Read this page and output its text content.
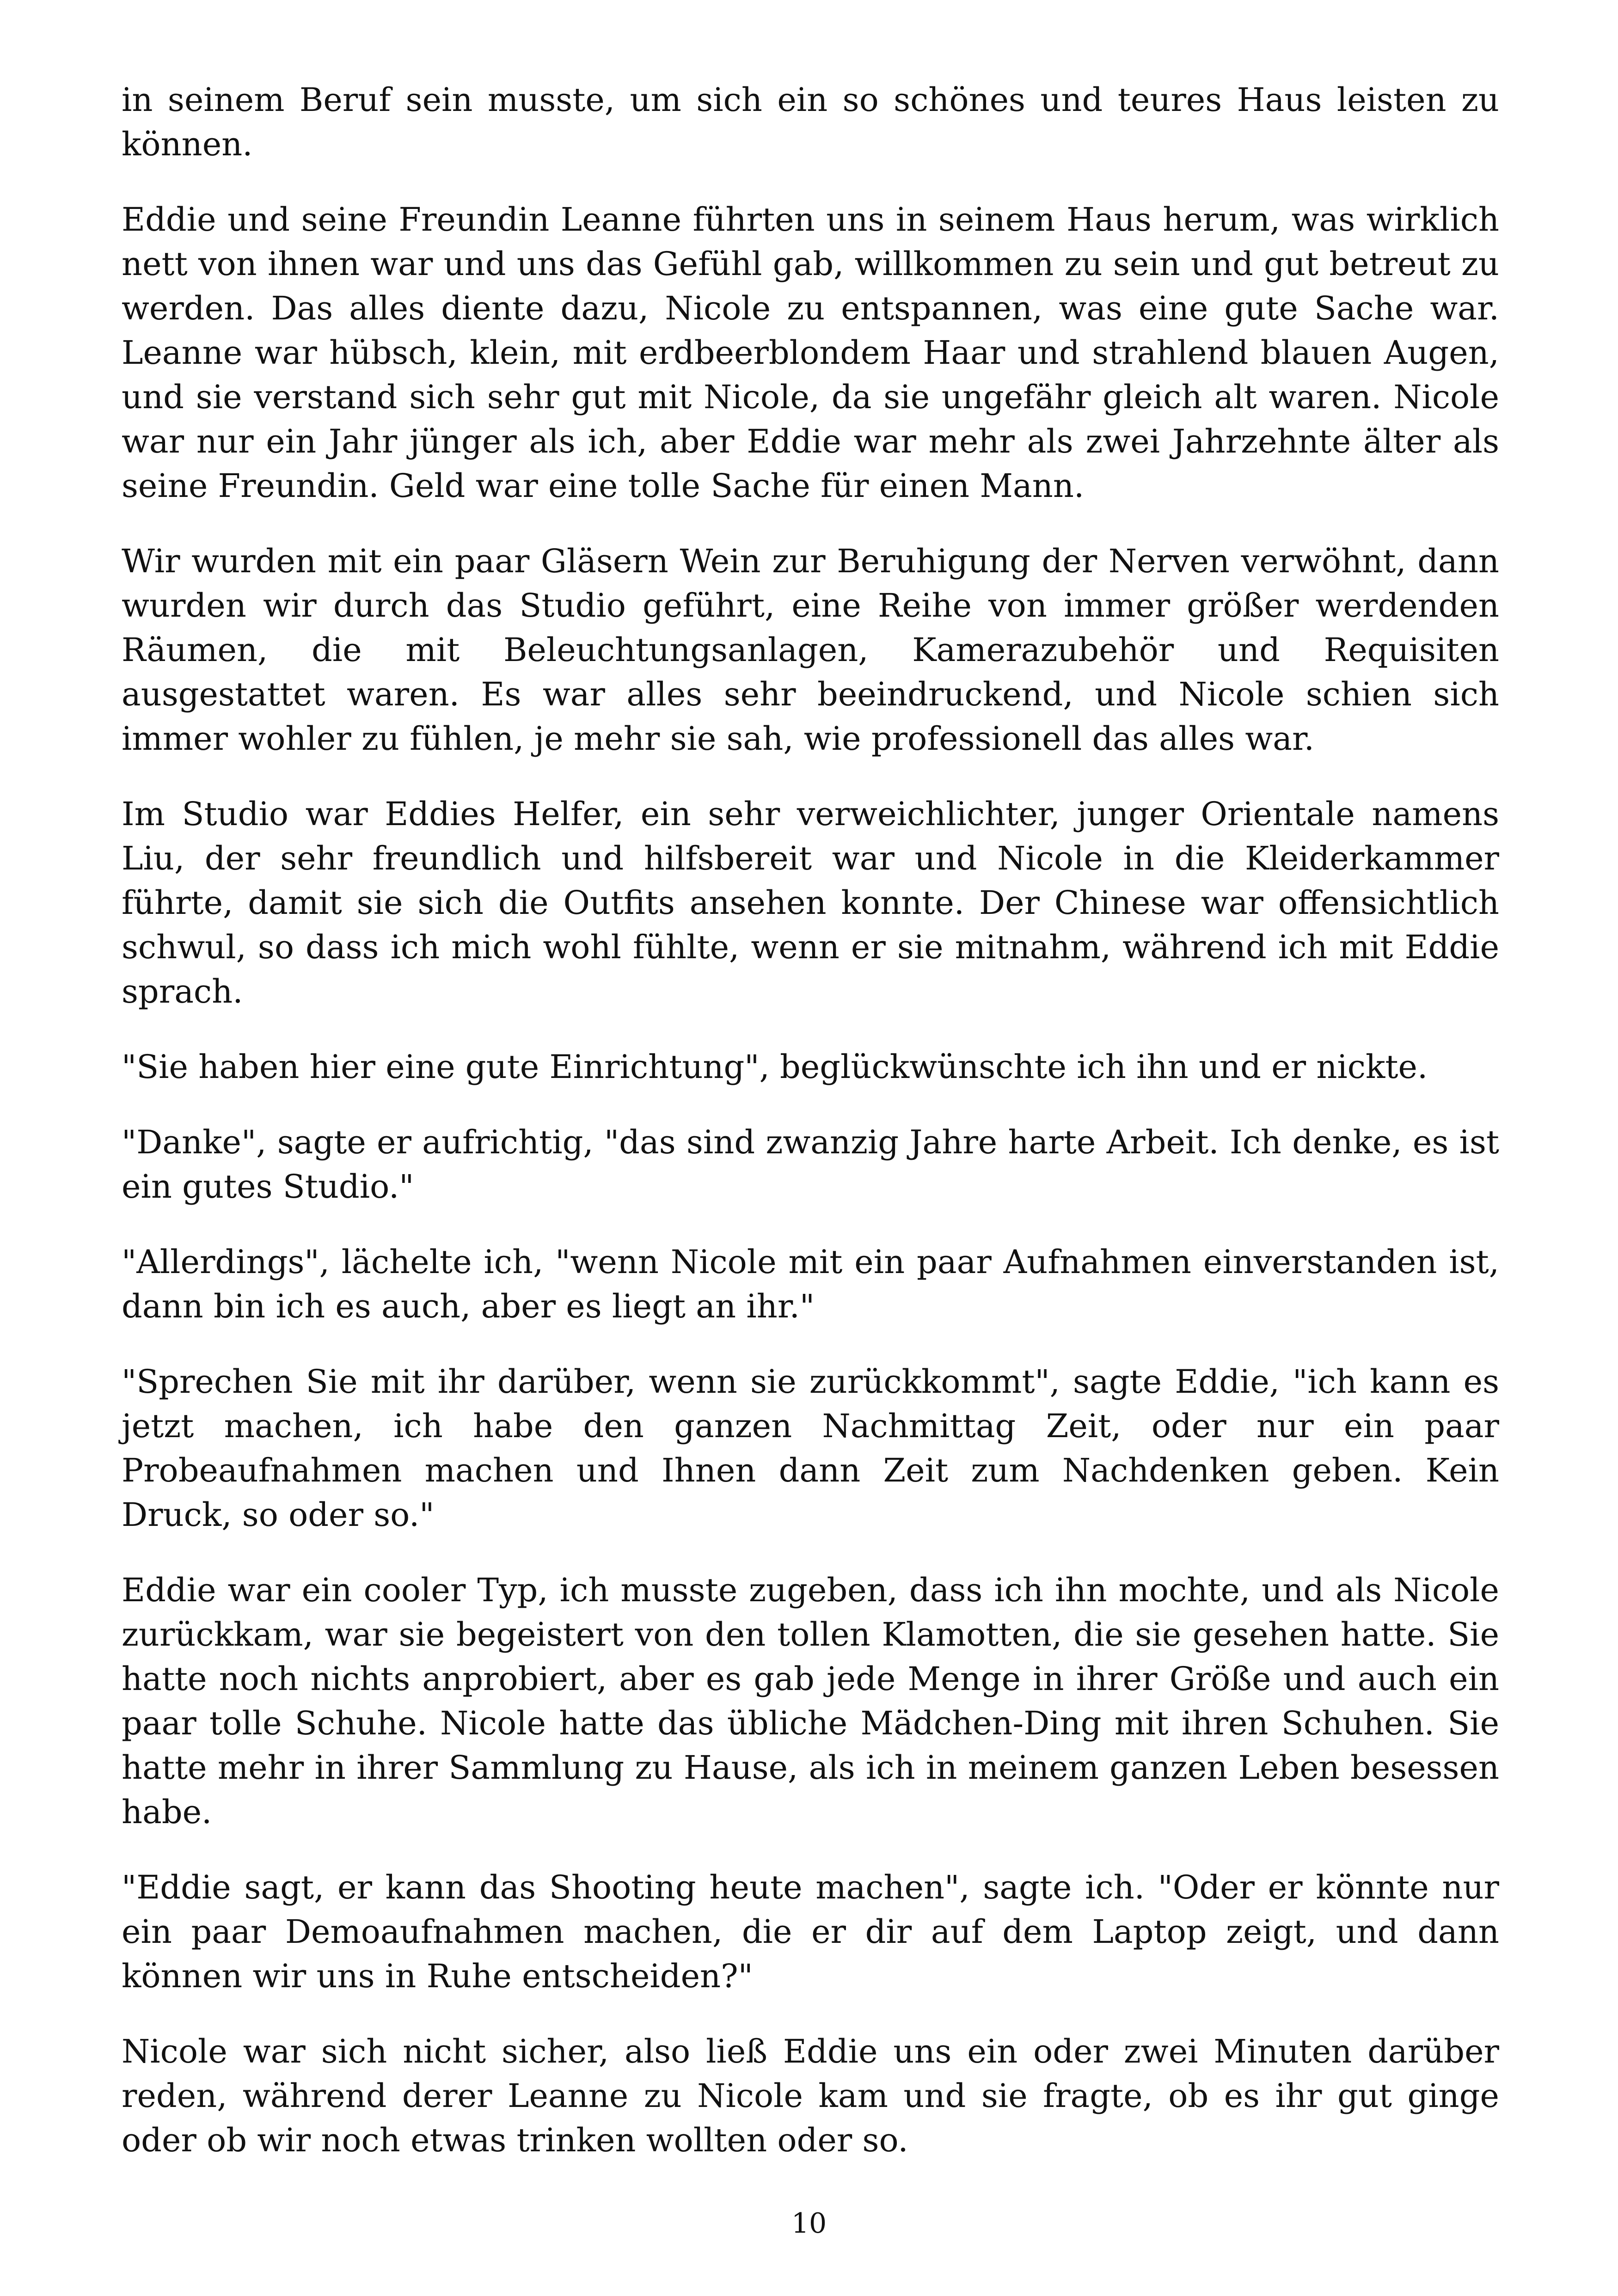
in seinem Beruf sein musste, um sich ein so schönes und teures Haus leisten zu können.

Eddie und seine Freundin Leanne führten uns in seinem Haus herum, was wirklich nett von ihnen war und uns das Gefühl gab, willkommen zu sein und gut betreut zu werden. Das alles diente dazu, Nicole zu entspannen, was eine gute Sache war. Leanne war hübsch, klein, mit erdbeerblondem Haar und strahlend blauen Augen, und sie verstand sich sehr gut mit Nicole, da sie ungefähr gleich alt waren. Nicole war nur ein Jahr jünger als ich, aber Eddie war mehr als zwei Jahrzehnte älter als seine Freundin. Geld war eine tolle Sache für einen Mann.

Wir wurden mit ein paar Gläsern Wein zur Beruhigung der Nerven verwöhnt, dann wurden wir durch das Studio geführt, eine Reihe von immer größer werdenden Räumen, die mit Beleuchtungsanlagen, Kamerazubehör und Requisiten ausgestattet waren. Es war alles sehr beeindruckend, und Nicole schien sich immer wohler zu fühlen, je mehr sie sah, wie professionell das alles war.

Im Studio war Eddies Helfer, ein sehr verweichlichter, junger Orientale namens Liu, der sehr freundlich und hilfsbereit war und Nicole in die Kleiderkammer führte, damit sie sich die Outfits ansehen konnte. Der Chinese war offensichtlich schwul, so dass ich mich wohl fühlte, wenn er sie mitnahm, während ich mit Eddie sprach.

"Sie haben hier eine gute Einrichtung", beglückwünschte ich ihn und er nickte.

"Danke", sagte er aufrichtig, "das sind zwanzig Jahre harte Arbeit. Ich denke, es ist ein gutes Studio."

"Allerdings", lächelte ich, "wenn Nicole mit ein paar Aufnahmen einverstanden ist, dann bin ich es auch, aber es liegt an ihr."

"Sprechen Sie mit ihr darüber, wenn sie zurückkommt", sagte Eddie, "ich kann es jetzt machen, ich habe den ganzen Nachmittag Zeit, oder nur ein paar Probeaufnahmen machen und Ihnen dann Zeit zum Nachdenken geben. Kein Druck, so oder so."

Eddie war ein cooler Typ, ich musste zugeben, dass ich ihn mochte, und als Nicole zurückkam, war sie begeistert von den tollen Klamotten, die sie gesehen hatte. Sie hatte noch nichts anprobiert, aber es gab jede Menge in ihrer Größe und auch ein paar tolle Schuhe. Nicole hatte das übliche Mädchen-Ding mit ihren Schuhen. Sie hatte mehr in ihrer Sammlung zu Hause, als ich in meinem ganzen Leben besessen habe.

"Eddie sagt, er kann das Shooting heute machen", sagte ich. "Oder er könnte nur ein paar Demoaufnahmen machen, die er dir auf dem Laptop zeigt, und dann können wir uns in Ruhe entscheiden?"

Nicole war sich nicht sicher, also ließ Eddie uns ein oder zwei Minuten darüber reden, während derer Leanne zu Nicole kam und sie fragte, ob es ihr gut ginge oder ob wir noch etwas trinken wollten oder so.

10
